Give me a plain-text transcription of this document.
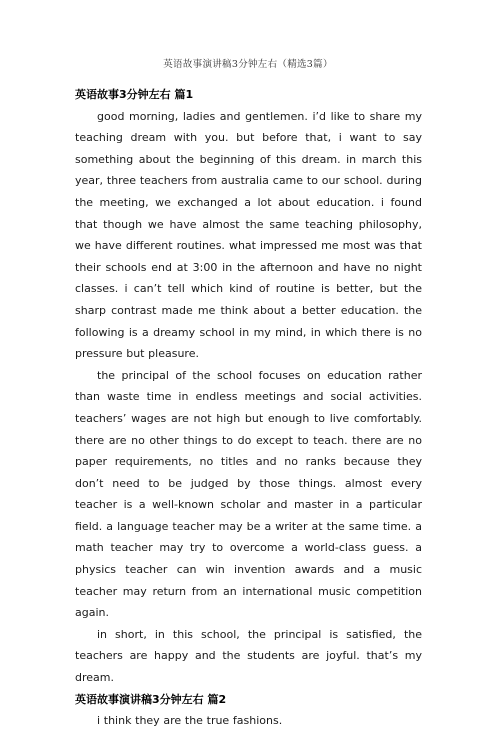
英语故事演讲稿3分钟左右（精选3篇）

英语故事3分钟左右 篇1

good morning, ladies and gentlemen. i’d like to share my teaching dream with you. but before that, i want to say something about the beginning of this dream. in march this year, three teachers from australia came to our school. during the meeting, we exchanged a lot about education. i found that though we have almost the same teaching philosophy, we have different routines. what impressed me most was that their schools end at 3:00 in the afternoon and have no night classes. i can’t tell which kind of routine is better, but the sharp contrast made me think about a better education. the following is a dreamy school in my mind, in which there is no pressure but pleasure.

the principal of the school focuses on education rather than waste time in endless meetings and social activities. teachers’ wages are not high but enough to live comfortably. there are no other things to do except to teach. there are no paper requirements, no titles and no ranks because they don’t need to be judged by those things. almost every teacher is a well-known scholar and master in a particular field. a language teacher may be a writer at the same time. a math teacher may try to overcome a world-class guess. a physics teacher can win invention awards and a music teacher may return from an international music competition again.

in short, in this school, the principal is satisfied, the teachers are happy and the students are joyful. that’s my dream.

英语故事演讲稿3分钟左右 篇2

i think they are the true fashions.
